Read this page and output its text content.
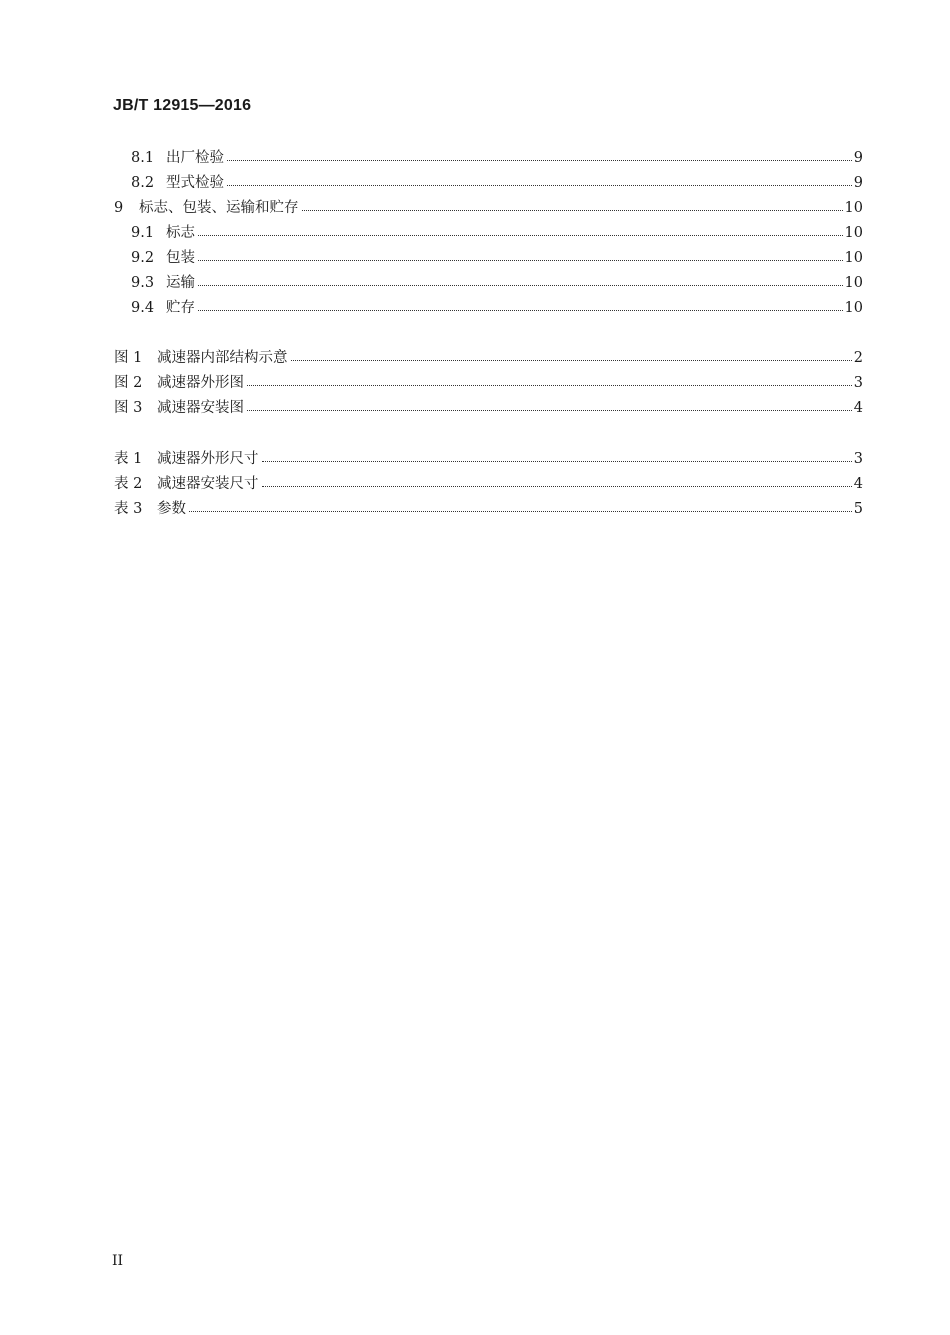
JB/T 12915—2016
8.1 出厂检验	9
8.2 型式检验	9
9	标志、包装、运输和贮存	10
9.1 标志	10
9.2 包装	10
9.3 运输	10
9.4 贮存	10
图 1	减速器内部结构示意	2
图 2	减速器外形图	3
图 3	减速器安装图	4
表 1	减速器外形尺寸	3
表 2	减速器安装尺寸	4
表 3	参数	5
II
